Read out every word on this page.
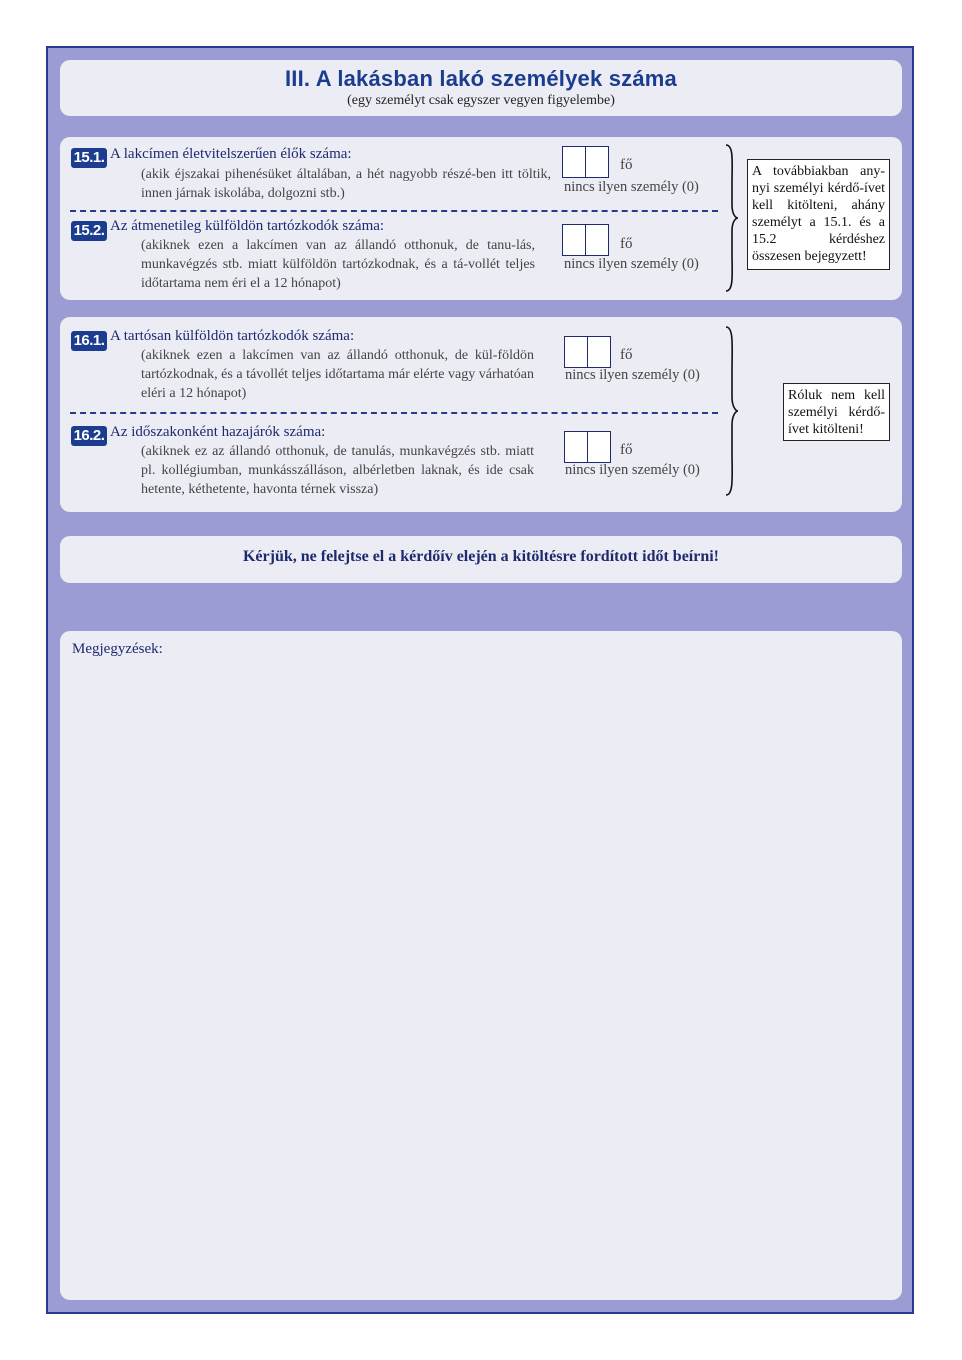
III. A lakásban lakó személyek száma
(egy személyt csak egyszer vegyen figyelembe)
15.1. A lakcímen életvitelszerűen élők száma:
(akik éjszakai pihenésüket általában, a hét nagyobb részé-ben itt töltik, innen járnak iskolába, dolgozni stb.)
fő
nincs ilyen személy (0)
15.2. Az átmenetileg külföldön tartózkodók száma:
(akiknek ezen a lakcímen van az állandó otthonuk, de tanu-lás, munkavégzés stb. miatt külföldön tartózkodnak, és a tá-vollét teljes időtartama nem éri el a 12 hónapot)
fő
nincs ilyen személy (0)
A továbbiakban any-nyi személyi kérdő-ívet kell kitölteni, ahány személyt a 15.1. és a 15.2 kérdéshez összesen bejegyzett!
16.1. A tartósan külföldön tartózkodók száma:
(akiknek ezen a lakcímen van az állandó otthonuk, de kül-földön tartózkodnak, és a távollét teljes időtartama már elérte vagy várhatóan eléri a 12 hónapot)
fő
nincs ilyen személy (0)
16.2. Az időszakonként hazajárók száma:
(akiknek ez az állandó otthonuk, de tanulás, munkavégzés stb. miatt pl. kollégiumban, munkásszálláson, albérletben laknak, és ide csak hetente, kéthetente, havonta térnek vissza)
fő
nincs ilyen személy (0)
Róluk nem kell személyi kérdő-ívet kitölteni!
Kérjük, ne felejtse el a kérdőív elején a kitöltésre fordított időt beírni!
Megjegyzések:
